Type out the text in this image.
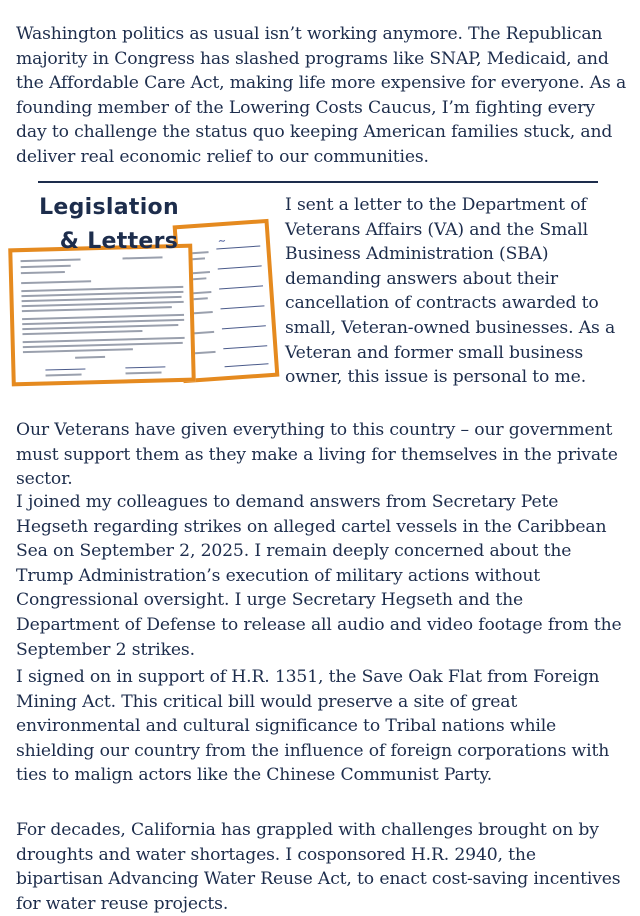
Washington politics as usual isn’t working anymore. The Republican majority in Congress has slashed programs like SNAP, Medicaid, and the Affordable Care Act, making life more expensive for everyone. As a founding member of the Lowering Costs Caucus, I’m fighting every day to challenge the status quo keeping American families stuck, and deliver real economic relief to our communities.

~
Legislation
& Letters

I sent a letter to the Department of Veterans Affairs (VA) and the Small Business Administration (SBA) demanding answers about their cancellation of contracts awarded to small, Veteran-owned businesses. As a Veteran and former small business owner, this issue is personal to me.

Our Veterans have given everything to this country – our government must support them as they make a living for themselves in the private sector.

I joined my colleagues to demand answers from Secretary Pete Hegseth regarding strikes on alleged cartel vessels in the Caribbean Sea on September 2, 2025. I remain deeply concerned about the Trump Administration’s execution of military actions without Congressional oversight. I urge Secretary Hegseth and the Department of Defense to release all audio and video footage from the September 2 strikes.

I signed on in support of H.R. 1351, the Save Oak Flat from Foreign Mining Act. This critical bill would preserve a site of great environmental and cultural significance to Tribal nations while shielding our country from the influence of foreign corporations with ties to malign actors like the Chinese Communist Party.

For decades, California has grappled with challenges brought on by droughts and water shortages. I cosponsored H.R. 2940, the bipartisan Advancing Water Reuse Act, to enact cost-saving incentives for water reuse projects.
